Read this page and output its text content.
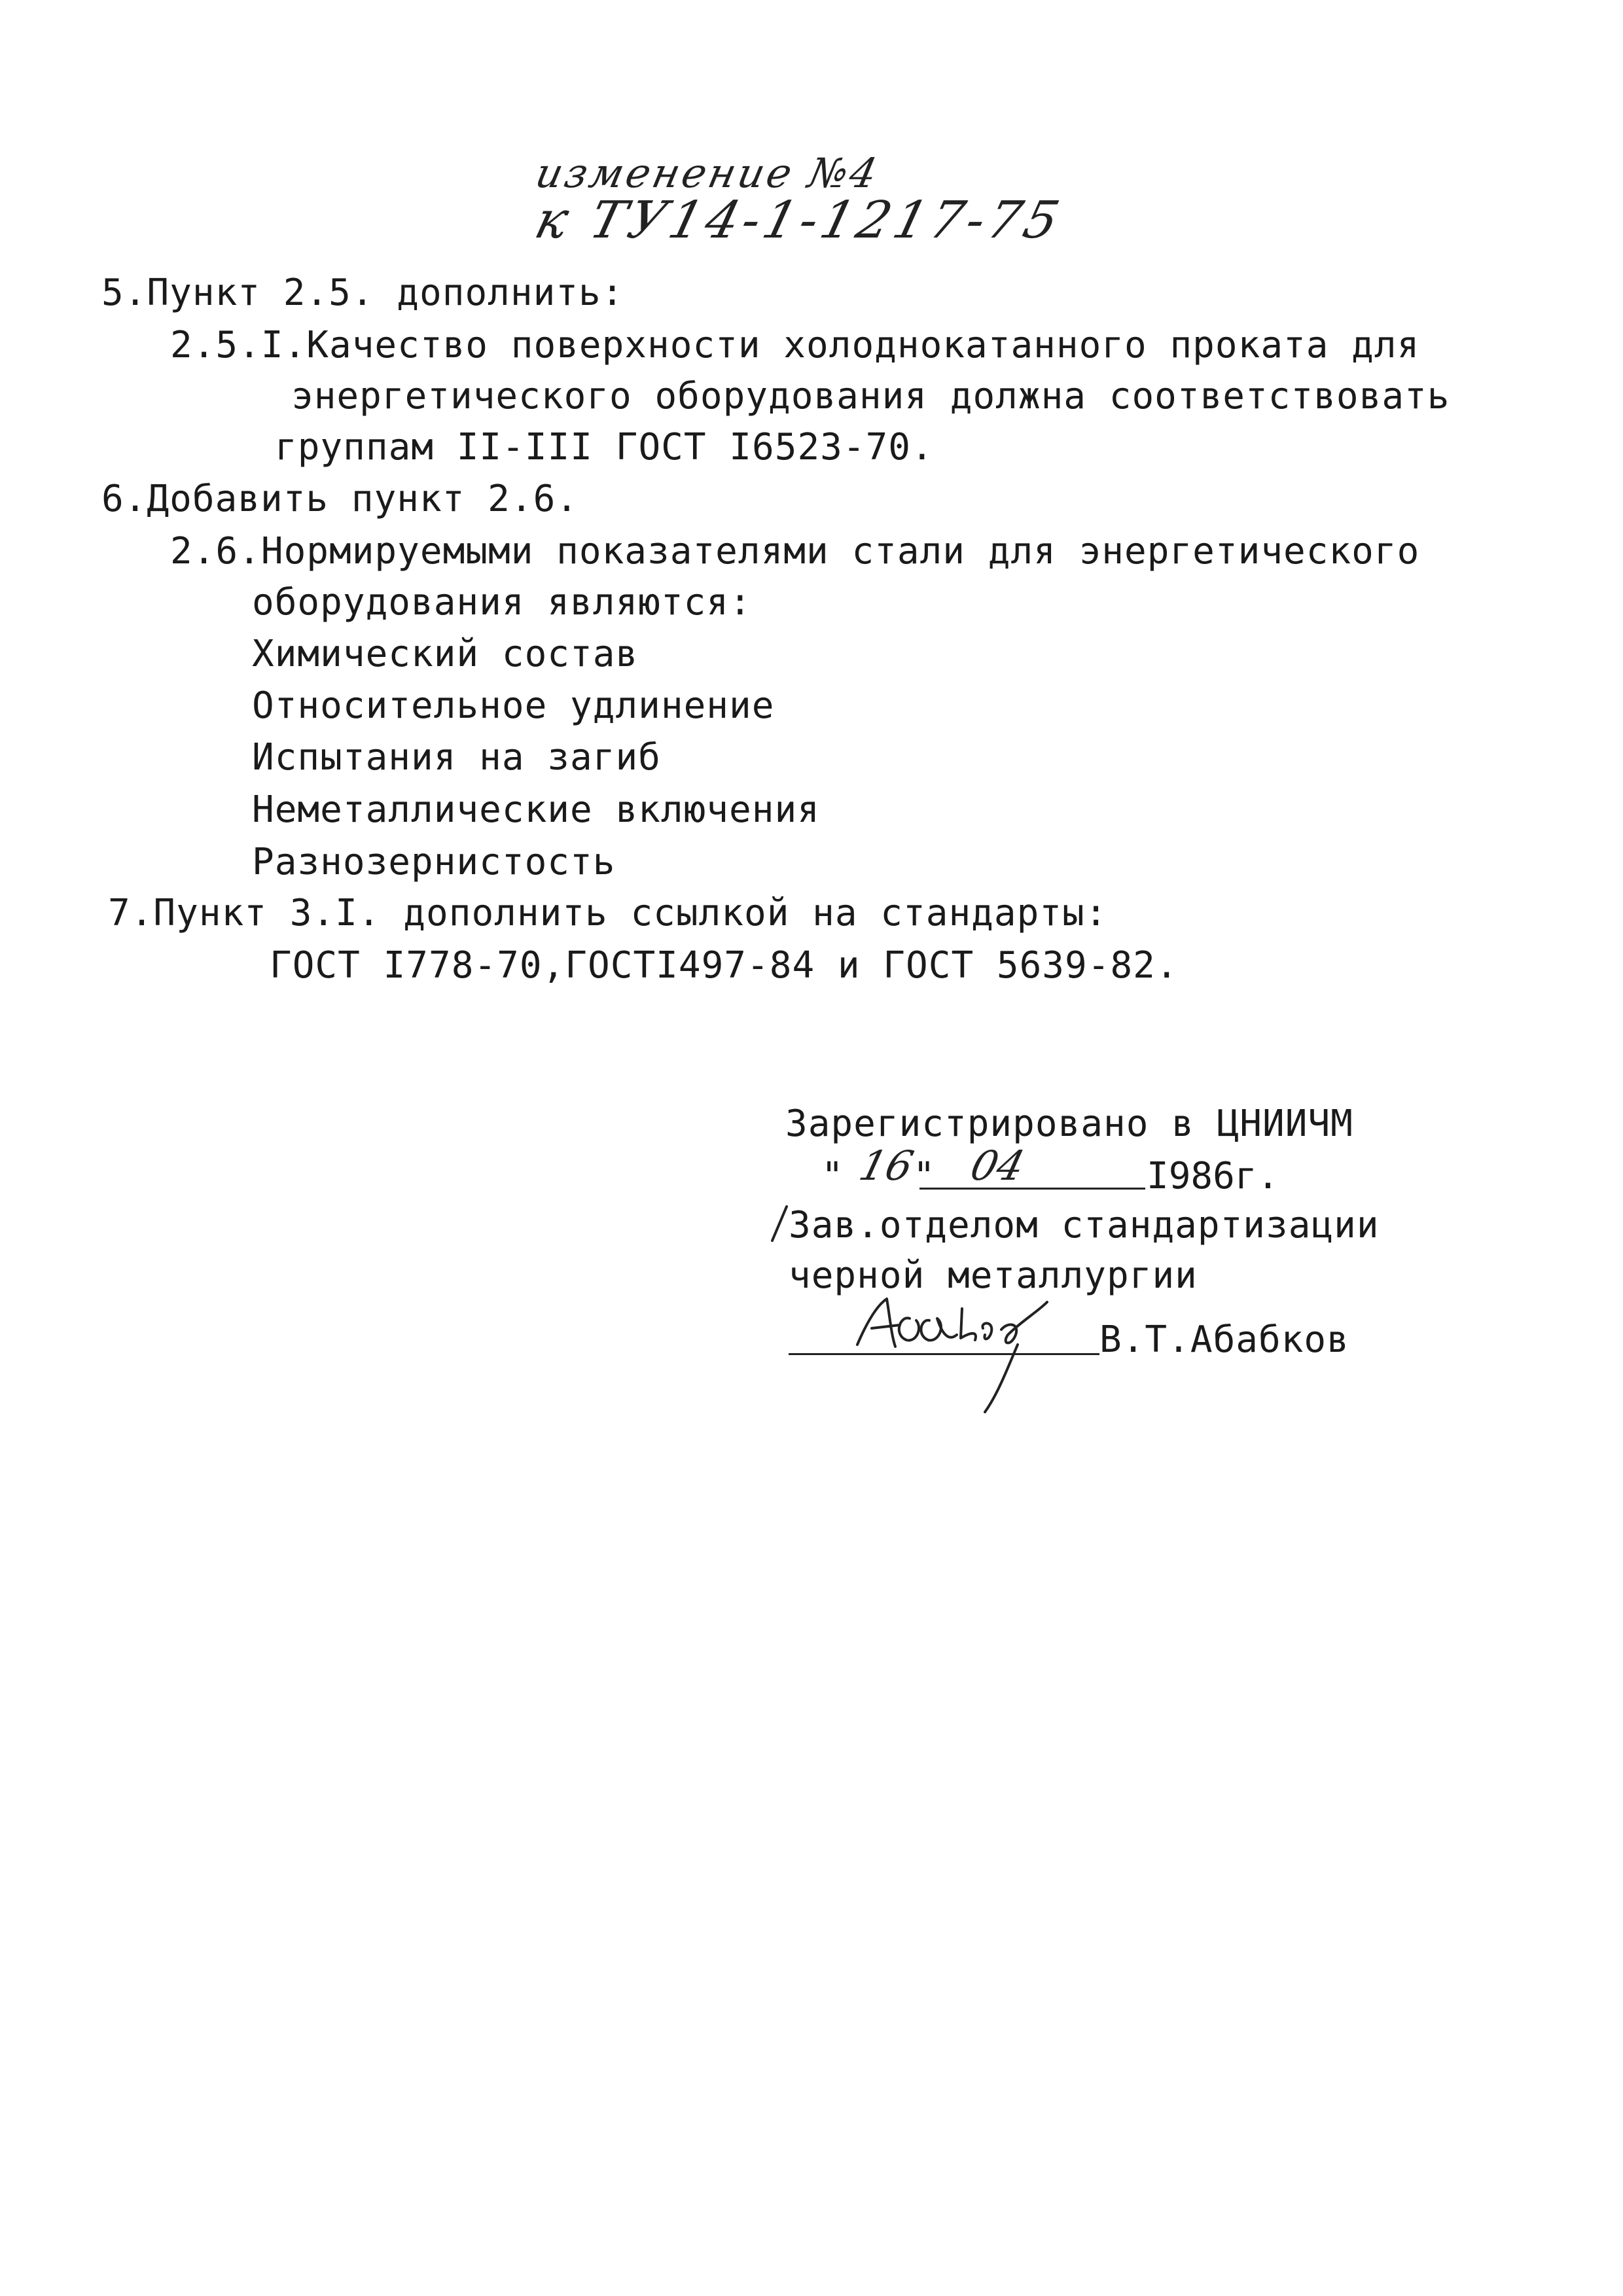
изменение №4
к ТУ14-1-1217-75
5.Пункт 2.5. дополнить:
2.5.I.Качество поверхности холоднокатанного проката для
энергетического оборудования должна соответствовать
группам II-III ГОСТ I6523-70.
6.Добавить пункт 2.6.
2.6.Нормируемыми показателями стали для энергетического
оборудования являются:
Химический состав
Относительное удлинение
Испытания на загиб
Неметаллические включения
Разнозернистость
7.Пункт 3.I. дополнить ссылкой на стандарты:
ГОСТ I778-70,ГОСТI497-84 и ГОСТ 5639-82.
Зарегистрировано в ЦНИИЧМ
" 16
" 04	I986г.
Зав.отделом стандартизации
черной металлургии
В.Т.Абабков
